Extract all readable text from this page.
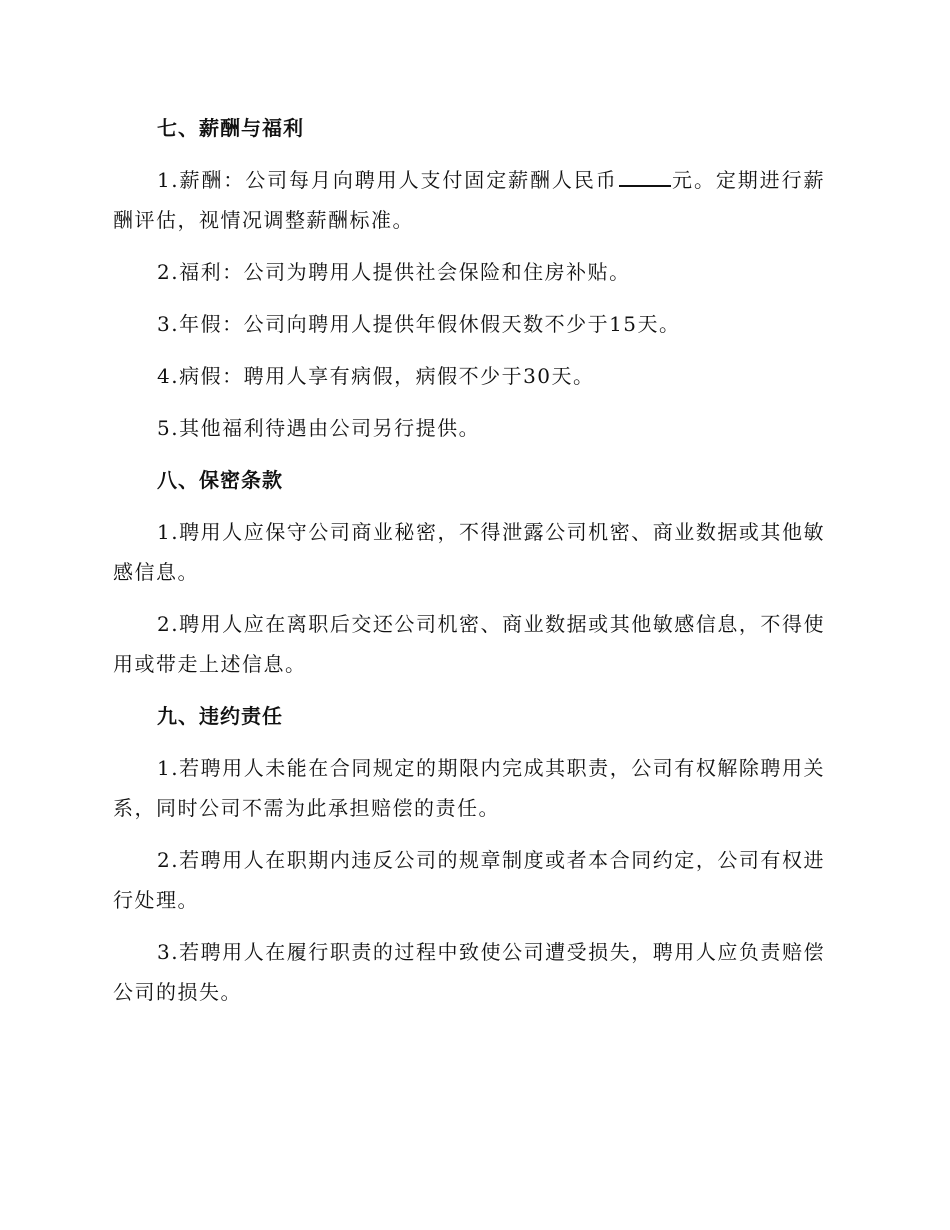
七、薪酬与福利

1.薪酬：公司每月向聘用人支付固定薪酬人民币	元。定期进行薪酬评估，视情况调整薪酬标准。

2.福利：公司为聘用人提供社会保险和住房补贴。

3.年假：公司向聘用人提供年假休假天数不少于15天。

4.病假：聘用人享有病假，病假不少于30天。

5.其他福利待遇由公司另行提供。

八、保密条款

1.聘用人应保守公司商业秘密，不得泄露公司机密、商业数据或其他敏感信息。

2.聘用人应在离职后交还公司机密、商业数据或其他敏感信息，不得使用或带走上述信息。

九、违约责任

1.若聘用人未能在合同规定的期限内完成其职责，公司有权解除聘用关系，同时公司不需为此承担赔偿的责任。

2.若聘用人在职期内违反公司的规章制度或者本合同约定，公司有权进行处理。

3.若聘用人在履行职责的过程中致使公司遭受损失，聘用人应负责赔偿公司的损失。
